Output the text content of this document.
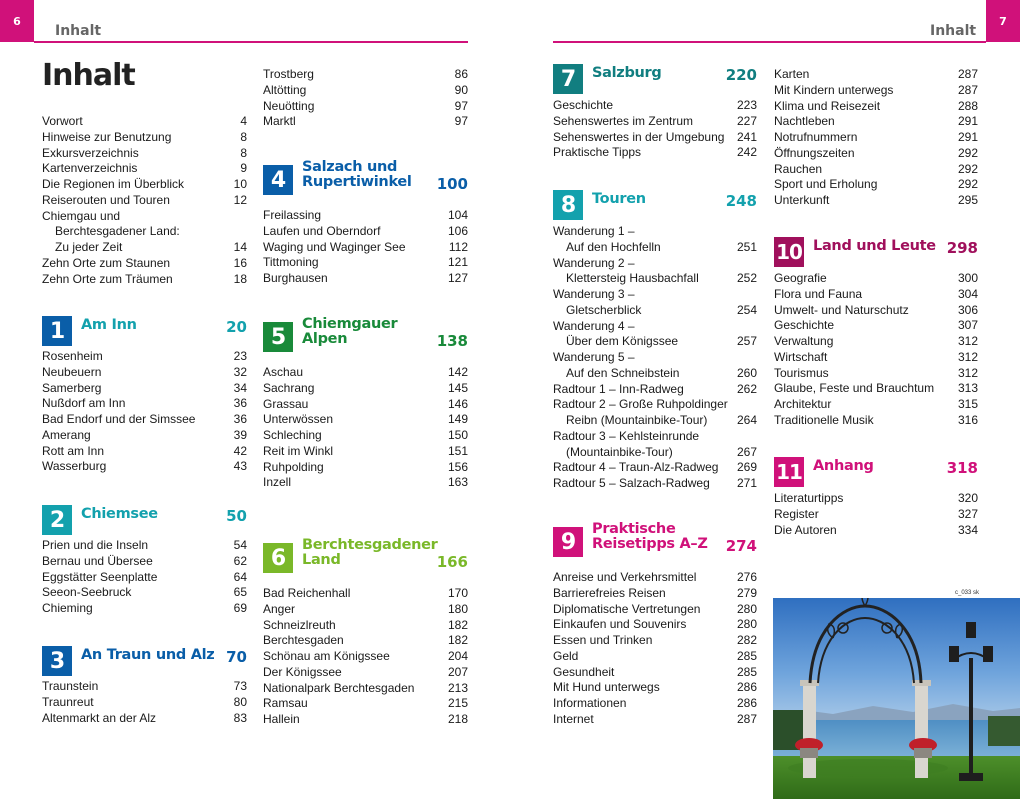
6
Inhalt
7
Inhalt
Inhalt
Vorwort	4
Hinweise zur Benutzung	8
Exkursverzeichnis	8
Kartenverzeichnis	9
Die Regionen im Überblick	10
Reiserouten und Touren	12
Chiemgau und
Berchtesgadener Land:
Zu jeder Zeit	14
Zehn Orte zum Staunen	16
Zehn Orte zum Träumen	18
1	Am Inn	20
Rosenheim	23
Neubeuern	32
Samerberg	34
Nußdorf am Inn	36
Bad Endorf und der Simssee	36
Amerang	39
Rott am Inn	42
Wasserburg	43
2	Chiemsee	50
Prien und die Inseln	54
Bernau und Übersee	62
Eggstätter Seenplatte	64
Seeon-Seebruck	65
Chieming	69
3	An Traun und Alz 70
Traunstein	73
Traunreut	80
Altenmarkt an der Alz	83
Trostberg	86
Altötting	90
Neuötting	97
Marktl	97
4
Salzach und
Rupertiwinkel	100
Freilassing	104
Laufen und Oberndorf	106
Waging und Waginger See	112
Tittmoning	121
Burghausen	127
5
Chiemgauer
Alpen	138
Aschau	142
Sachrang	145
Grassau	146
Unterwössen	149
Schleching	150
Reit im Winkl	151
Ruhpolding	156
Inzell	163
6
Berchtesgadener
Land	166
Bad Reichenhall	170
Anger	180
Schneizlreuth	182
Berchtesgaden	182
Schönau am Königssee	204
Der Königssee	207
Nationalpark Berchtesgaden	213
Ramsau	215
Hallein	218
7	Salzburg	220
Geschichte	223
Sehenswertes im Zentrum	227
Sehenswertes in der Umgebung	241
Praktische Tipps	242
8	Touren	248
Wanderung 1 –
Auf den Hochfelln	251
Wanderung 2 –
Klettersteig Hausbachfall	252
Wanderung 3 –
Gletscherblick	254
Wanderung 4 –
Über dem Königssee	257
Wanderung 5 –
Auf den Schneibstein	260
Radtour 1 – Inn-Radweg	262
Radtour 2 – Große Ruhpoldinger
Reibn (Mountainbike-Tour)	264
Radtour 3 – Kehlsteinrunde
(Mountainbike-Tour)	267
Radtour 4 – Traun-Alz-Radweg	269
Radtour 5 – Salzach-Radweg	271
9
Praktische
Reisetipps A–Z	274
Anreise und Verkehrsmittel	276
Barrierefreies Reisen	279
Diplomatische Vertretungen	280
Einkaufen und Souvenirs	280
Essen und Trinken	282
Geld	285
Gesundheit	285
Mit Hund unterwegs	286
Informationen	286
Internet	287
Karten	287
Mit Kindern unterwegs	287
Klima und Reisezeit	288
Nachtleben	291
Notrufnummern	291
Öffnungszeiten	292
Rauchen	292
Sport und Erholung	292
Unterkunft	295
10 Land und Leute 298
Geografie	300
Flora und Fauna	304
Umwelt- und Naturschutz	306
Geschichte	307
Verwaltung	312
Wirtschaft	312
Tourismus	312
Glaube, Feste und Brauchtum	313
Architektur	315
Traditionelle Musik	316
11 Anhang	318
Literaturtipps	320
Register	327
Die Autoren	334
c_033 sk
